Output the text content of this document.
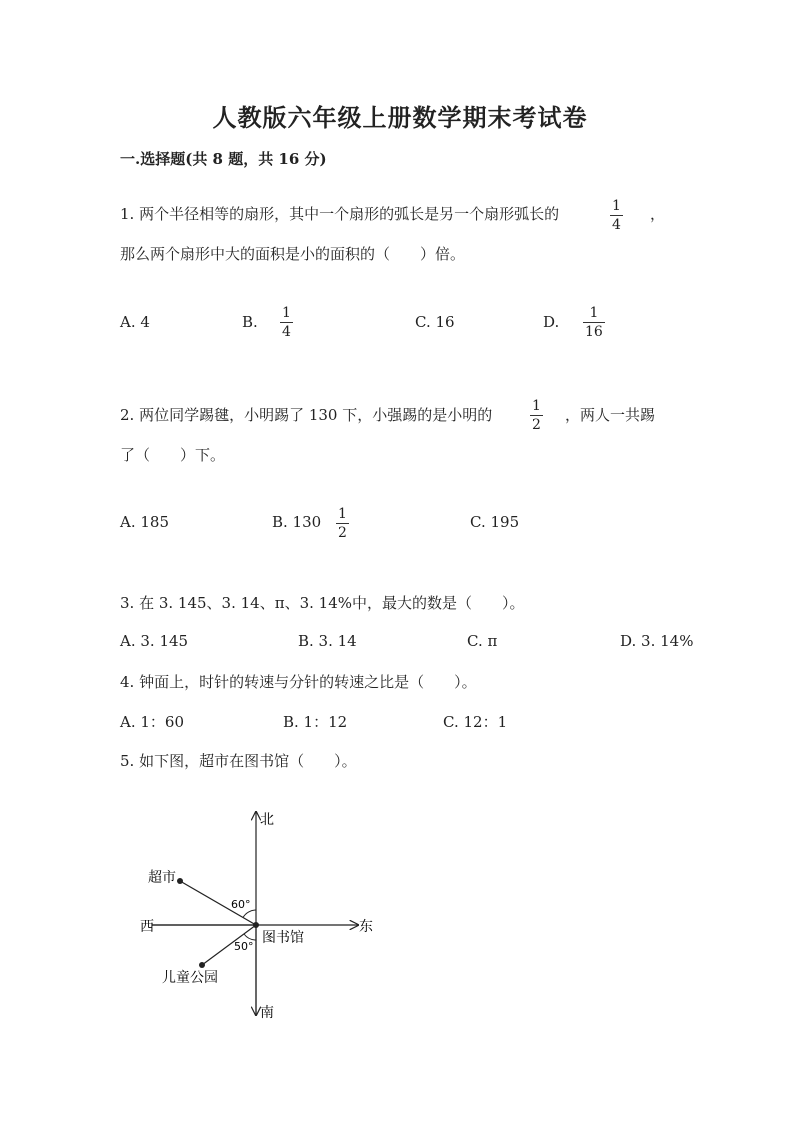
人教版六年级上册数学期末考试卷
一.选择题(共 8 题，共 16 分)
1. 两个半径相等的扇形，其中一个扇形的弧长是另一个扇形弧长的	1
4
，
那么两个扇形中大的面积是小的面积的（　　）倍。
A. 4	B. 1
4
C. 16	D.	1
16
2. 两位同学踢毽，小明踢了 130 下，小强踢的是小明的	1
2
，两人一共踢
了（　　）下。
A. 185	B. 130 1
2
C. 195
3. 在 3. 145、3. 14、π、3. 14%中，最大的数是（　　）。
A. 3. 145	B. 3. 14	C. π	D. 3. 14%
4. 钟面上，时针的转速与分针的转速之比是（　　）。
A. 1：60	B. 1：12	C. 12：1
5. 如下图，超市在图书馆（　　）。
北
南
东
西
超市
图书馆
儿童公园
60°
50°
